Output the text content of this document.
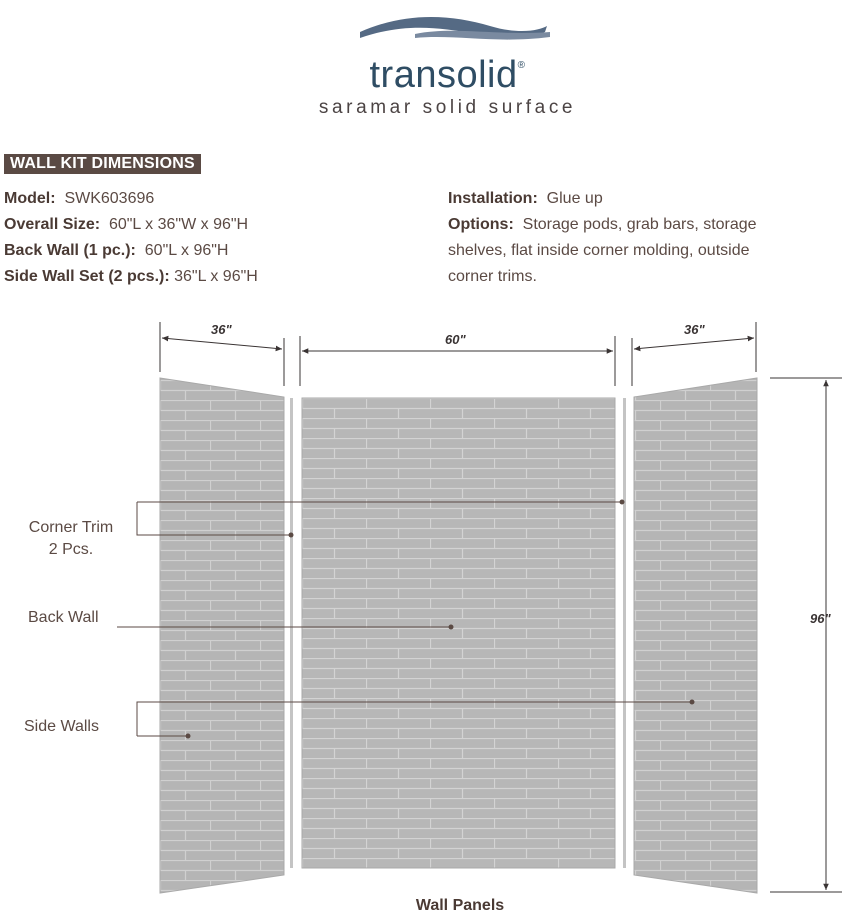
transolid®
saramar solid surface
WALL KIT DIMENSIONS
Model: SWK603696
Overall Size: 60"L x 36"W x 96"H
Back Wall (1 pc.): 60"L x 96"H
Side Wall Set (2 pcs.): 36"L x 96"H
Installation: Glue up
Options: Storage pods, grab bars, storage
shelves, flat inside corner molding, outside
corner trims.
36"
60"
36"
96"
Corner Trim
2 Pcs.
Back Wall
Side Walls
Wall Panels
